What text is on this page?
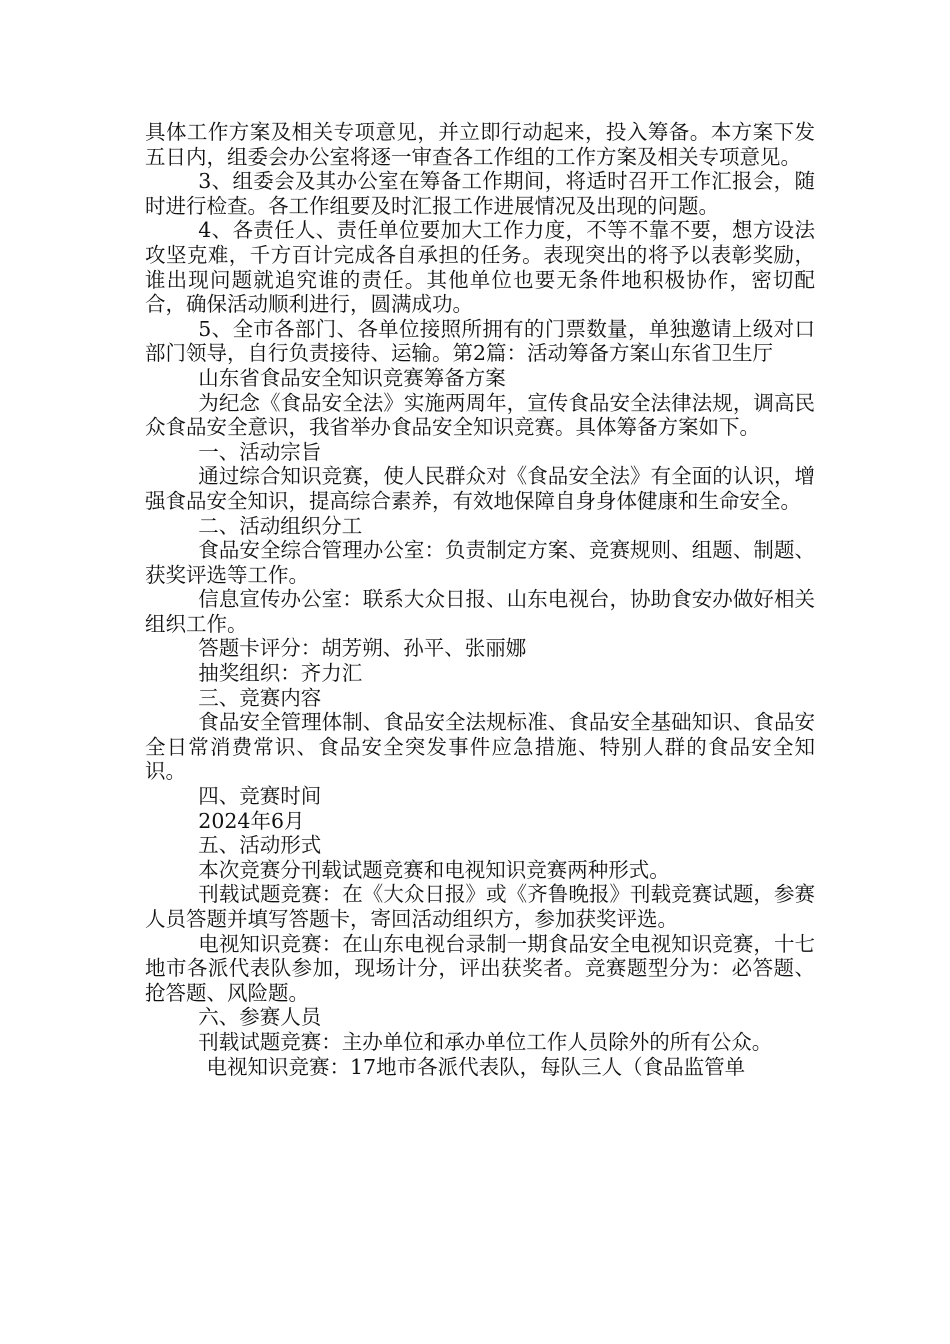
具体工作方案及相关专项意见，并立即行动起来，投入筹备。本方案下发五日内，组委会办公室将逐一审查各工作组的工作方案及相关专项意见。

3、组委会及其办公室在筹备工作期间，将适时召开工作汇报会，随时进行检查。各工作组要及时汇报工作进展情况及出现的问题。

4、各责任人、责任单位要加大工作力度，不等不靠不要，想方设法攻坚克难，千方百计完成各自承担的任务。表现突出的将予以表彰奖励，谁出现问题就追究谁的责任。其他单位也要无条件地积极协作，密切配合，确保活动顺利进行，圆满成功。

5、全市各部门、各单位接照所拥有的门票数量，单独邀请上级对口部门领导，自行负责接待、运输。第2篇：活动筹备方案山东省卫生厅

山东省食品安全知识竞赛筹备方案

为纪念《食品安全法》实施两周年，宣传食品安全法律法规，调高民众食品安全意识，我省举办食品安全知识竞赛。具体筹备方案如下。

一、活动宗旨

通过综合知识竞赛，使人民群众对《食品安全法》有全面的认识，增强食品安全知识，提高综合素养，有效地保障自身身体健康和生命安全。

二、活动组织分工

食品安全综合管理办公室：负责制定方案、竞赛规则、组题、制题、获奖评选等工作。

信息宣传办公室：联系大众日报、山东电视台，协助食安办做好相关组织工作。

答题卡评分：胡芳朔、孙平、张丽娜

抽奖组织：齐力汇

三、竞赛内容

食品安全管理体制、食品安全法规标准、食品安全基础知识、食品安全日常消费常识、食品安全突发事件应急措施、特别人群的食品安全知识。

四、竞赛时间

2024年6月

五、活动形式

本次竞赛分刊载试题竞赛和电视知识竞赛两种形式。

刊载试题竞赛：在《大众日报》或《齐鲁晚报》刊载竞赛试题，参赛人员答题并填写答题卡，寄回活动组织方，参加获奖评选。

电视知识竞赛：在山东电视台录制一期食品安全电视知识竞赛，十七地市各派代表队参加，现场计分，评出获奖者。竞赛题型分为：必答题、抢答题、风险题。

六、参赛人员

刊载试题竞赛：主办单位和承办单位工作人员除外的所有公众。

电视知识竞赛：17地市各派代表队，每队三人（食品监管单
